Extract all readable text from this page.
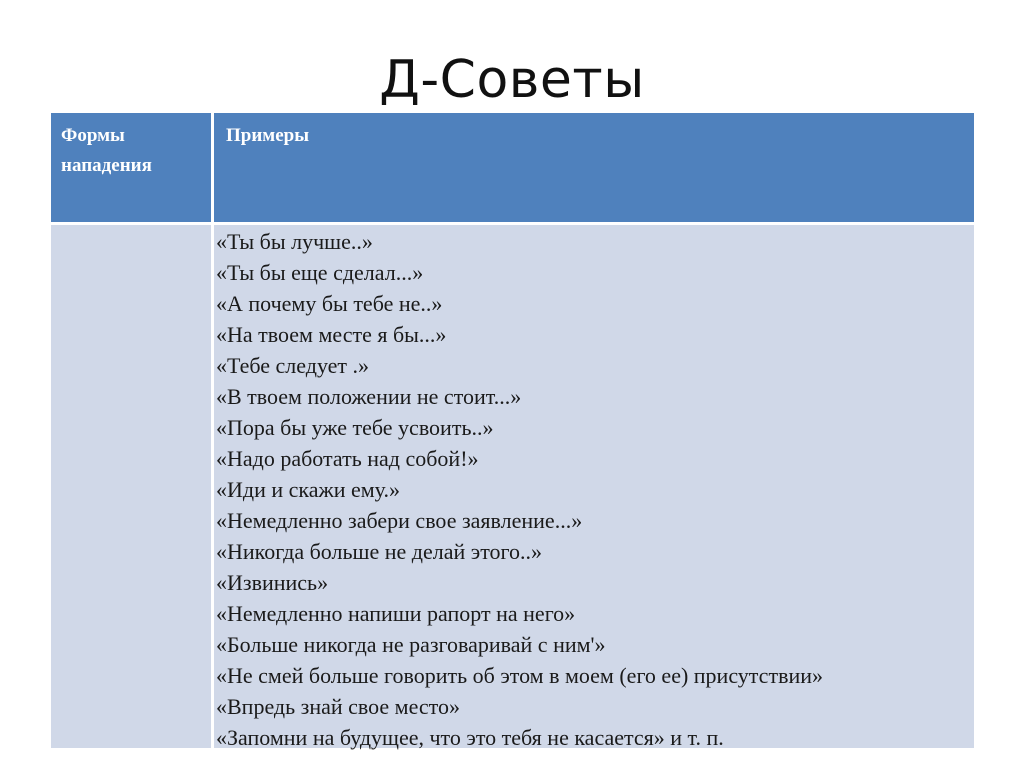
Д-Советы
Формы
нападения
Примеры
«Ты бы лучше..»
«Ты бы еще сделал...»
«А почему бы тебе не..»
«На твоем месте я бы...»
«Тебе следует .»
«В твоем положении не стоит...»
«Пора бы уже тебе усвоить..»
«Надо работать над собой!»
«Иди и скажи ему.»
«Немедленно забери свое заявление...»
«Никогда больше не делай этого..»
«Извинись»
«Немедленно напиши рапорт на него»
«Больше никогда не разговаривай с ним'»
«Не смей больше говорить об этом в моем (его ее) присутствии»
«Впредь знай свое место»
«Запомни на будущее, что это тебя не касается» и т. п.
